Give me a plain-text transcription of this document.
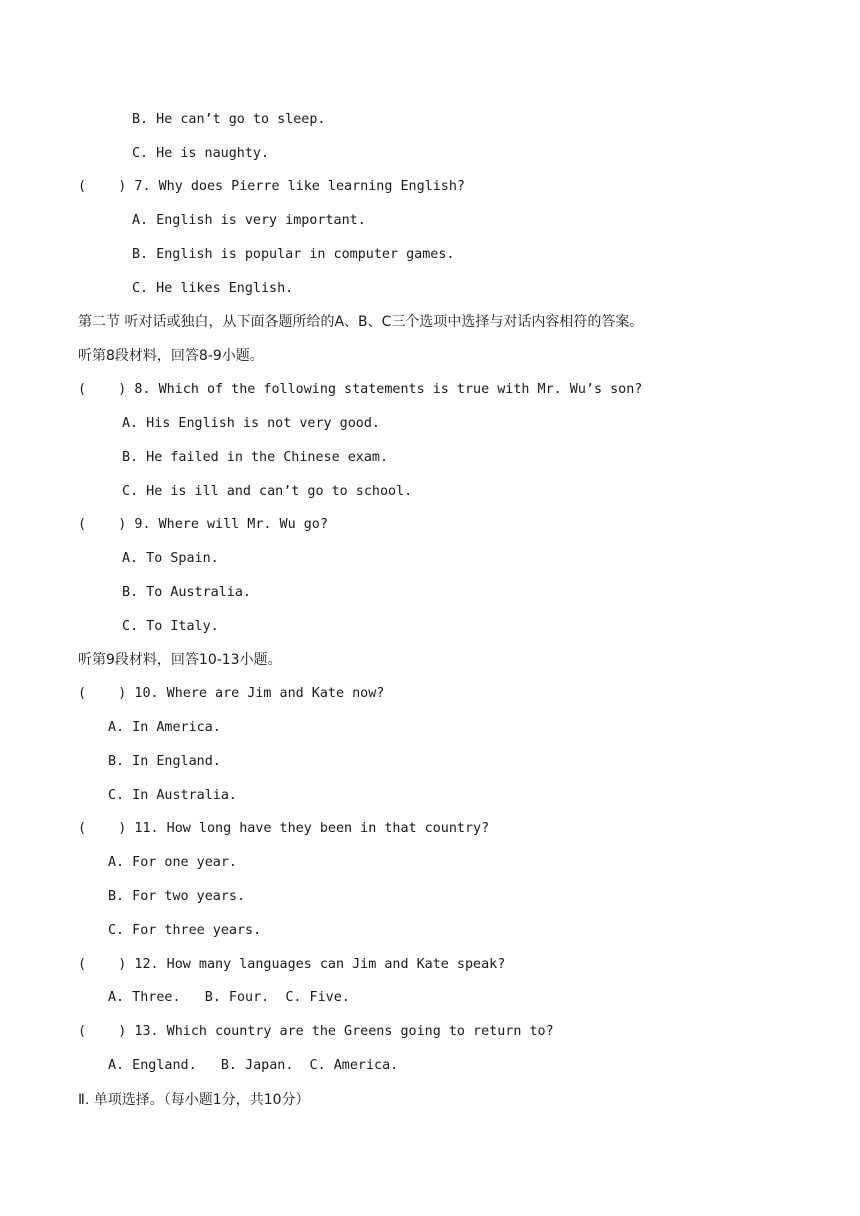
B. He can’t go to sleep.
C. He is naughty.
(    ) 7. Why does Pierre like learning English?
A. English is very important.
B. English is popular in computer games.
C. He likes English.
第二节 听对话或独白，从下面各题所给的A、B、C三个选项中选择与对话内容相符的答案。
听第8段材料，回答8-9小题。
(    ) 8. Which of the following statements is true with Mr. Wu’s son?
A. His English is not very good.
B. He failed in the Chinese exam.
C. He is ill and can’t go to school.
(    ) 9. Where will Mr. Wu go?
A. To Spain.
B. To Australia.
C. To Italy.
听第9段材料，回答10-13小题。
(    ) 10. Where are Jim and Kate now?
A. In America.
B. In England.
C. In Australia.
(    ) 11. How long have they been in that country?
A. For one year.
B. For two years.
C. For three years.
(    ) 12. How many languages can Jim and Kate speak?
A. Three.   B. Four.  C. Five.
(    ) 13. Which country are the Greens going to return to?
A. England.   B. Japan.  C. America.
Ⅱ. 单项选择。（每小题1分，共10分）
